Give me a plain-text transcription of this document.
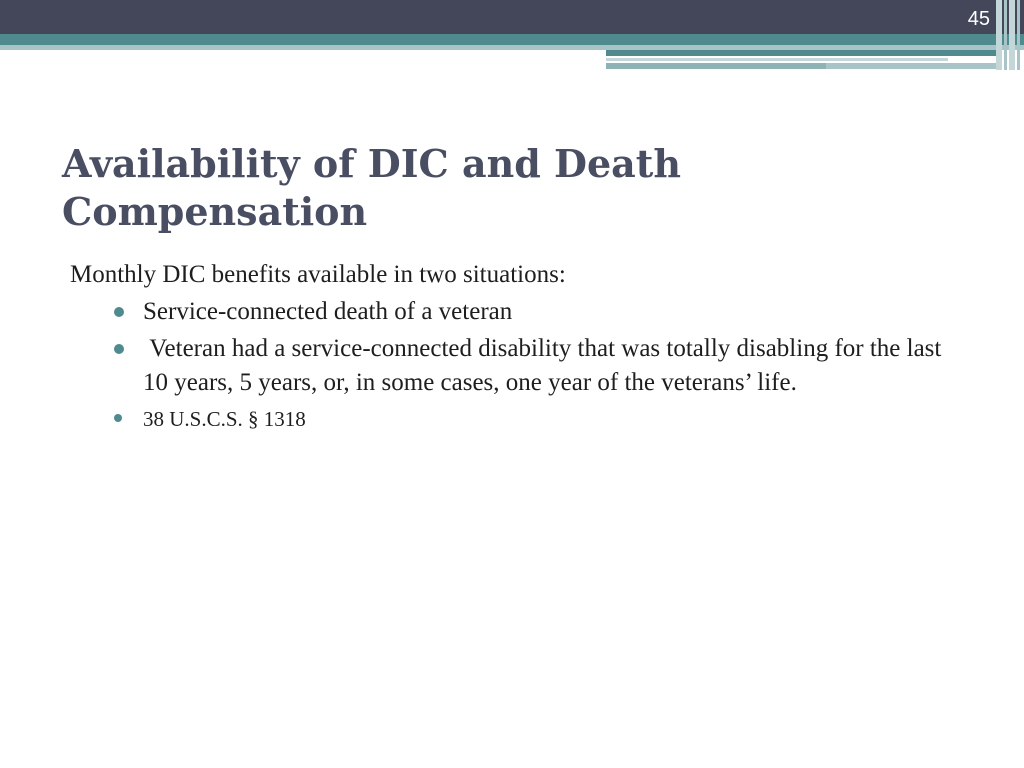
45
Availability of DIC and Death
Compensation

Monthly DIC benefits available in two situations:

Service-connected death of a veteran
Veteran had a service-connected disability that was totally disabling for the last 10 years, 5 years, or, in some cases, one year of the veterans’ life.
38 U.S.C.S. § 1318
